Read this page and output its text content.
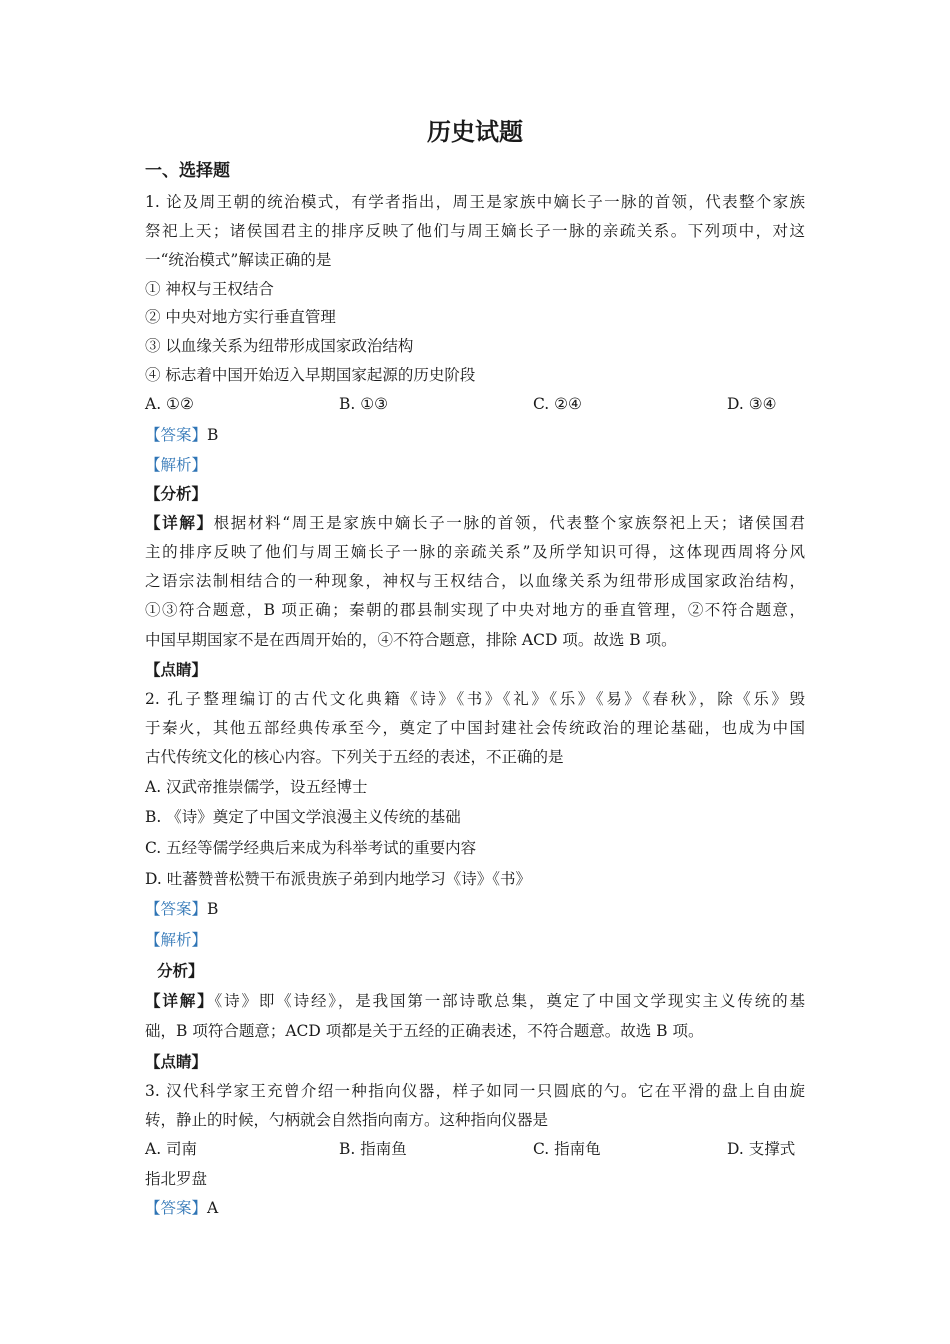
历史试题
一、选择题
1. 论及周王朝的统治模式，有学者指出，周王是家族中嫡长子一脉的首领，代表整个家族
祭祀上天；诸侯国君主的排序反映了他们与周王嫡长子一脉的亲疏关系。下列项中，对这
一“统治模式”解读正确的是
① 神权与王权结合
② 中央对地方实行垂直管理
③ 以血缘关系为纽带形成国家政治结构
④ 标志着中国开始迈入早期国家起源的历史阶段
A. ①②	B. ①③	C. ②④	D. ③④
【答案】B
【解析】
【分析】
【详解】根据材料“周王是家族中嫡长子一脉的首领，代表整个家族祭祀上天；诸侯国君
主的排序反映了他们与周王嫡长子一脉的亲疏关系”及所学知识可得，这体现西周将分风
之语宗法制相结合的一种现象，神权与王权结合，以血缘关系为纽带形成国家政治结构，
①③符合题意，B 项正确；秦朝的郡县制实现了中央对地方的垂直管理，②不符合题意，
中国早期国家不是在西周开始的，④不符合题意，排除 ACD 项。故选 B 项。
【点睛】
2. 孔子整理编订的古代文化典籍《诗》《书》《礼》《乐》《易》《春秋》，除《乐》毁
于秦火，其他五部经典传承至今，奠定了中国封建社会传统政治的理论基础，也成为中国
古代传统文化的核心内容。下列关于五经的表述，不正确的是
A. 汉武帝推崇儒学，设五经博士
B. 《诗》奠定了中国文学浪漫主义传统的基础
C. 五经等儒学经典后来成为科举考试的重要内容
D. 吐蕃赞普松赞干布派贵族子弟到内地学习《诗》《书》
【答案】B
【解析】
分析】
【详解】《诗》即《诗经》，是我国第一部诗歌总集，奠定了中国文学现实主义传统的基
础，B 项符合题意；ACD 项都是关于五经的正确表述，不符合题意。故选 B 项。
【点睛】
3. 汉代科学家王充曾介绍一种指向仪器，样子如同一只圆底的勺。它在平滑的盘上自由旋
转，静止的时候，勺柄就会自然指向南方。这种指向仪器是
A. 司南	B. 指南鱼	C. 指南龟	D. 支撑式
指北罗盘
【答案】A
